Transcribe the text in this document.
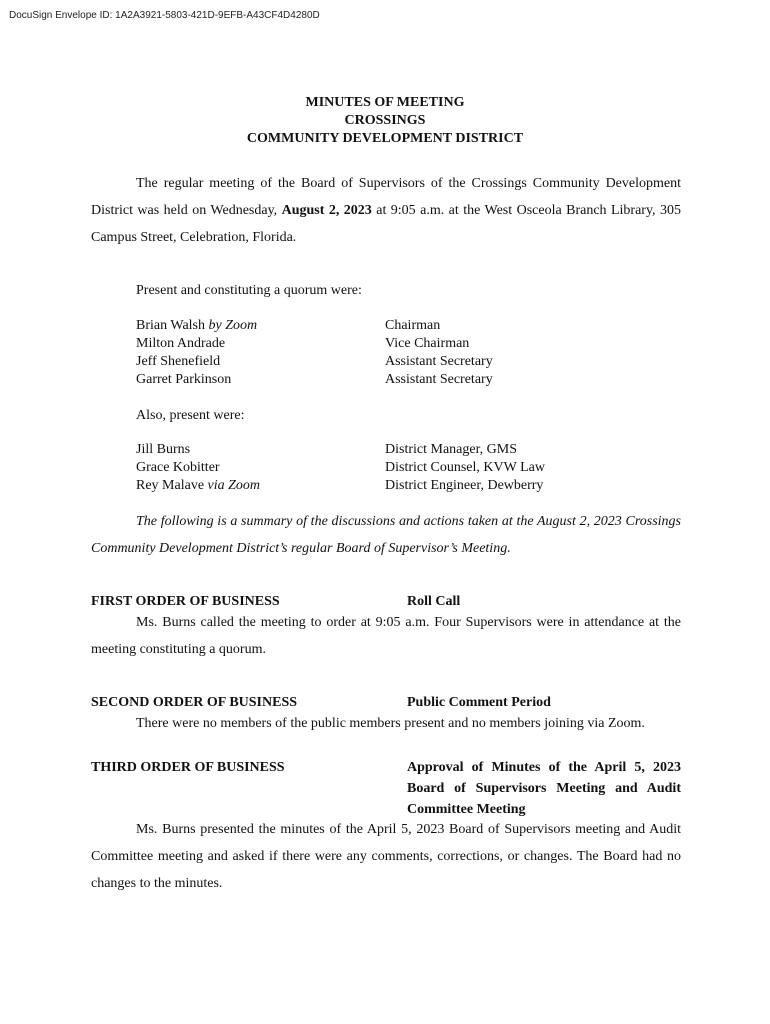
DocuSign Envelope ID: 1A2A3921-5803-421D-9EFB-A43CF4D4280D
MINUTES OF MEETING
CROSSINGS
COMMUNITY DEVELOPMENT DISTRICT
The regular meeting of the Board of Supervisors of the Crossings Community Development District was held on Wednesday, August 2, 2023 at 9:05 a.m. at the West Osceola Branch Library, 305 Campus Street, Celebration, Florida.
Present and constituting a quorum were:
Brian Walsh by Zoom	Chairman
Milton Andrade	Vice Chairman
Jeff Shenefield	Assistant Secretary
Garret Parkinson	Assistant Secretary
Also, present were:
Jill Burns	District Manager, GMS
Grace Kobitter	District Counsel, KVW Law
Rey Malave via Zoom	District Engineer, Dewberry
The following is a summary of the discussions and actions taken at the August 2, 2023 Crossings Community Development District’s regular Board of Supervisor’s Meeting.
FIRST ORDER OF BUSINESS	Roll Call
Ms. Burns called the meeting to order at 9:05 a.m. Four Supervisors were in attendance at the meeting constituting a quorum.
SECOND ORDER OF BUSINESS	Public Comment Period
There were no members of the public members present and no members joining via Zoom.
THIRD ORDER OF BUSINESS	Approval of Minutes of the April 5, 2023 Board of Supervisors Meeting and Audit Committee Meeting
Ms. Burns presented the minutes of the April 5, 2023 Board of Supervisors meeting and Audit Committee meeting and asked if there were any comments, corrections, or changes. The Board had no changes to the minutes.
